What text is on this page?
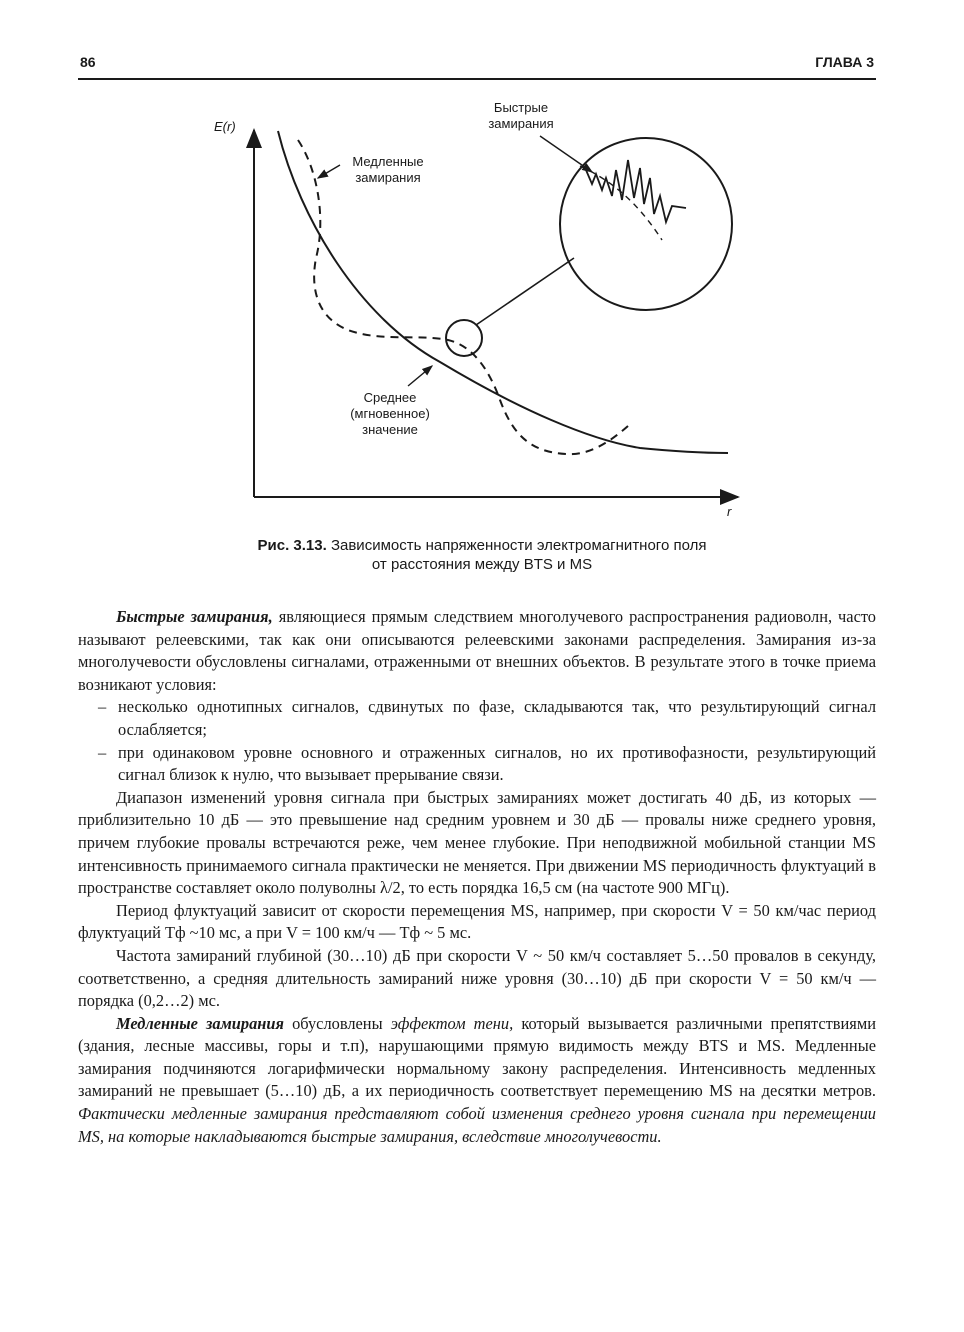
86	ГЛАВА 3
E(r)
r
Быстрые
замирания
Медленные
замирания
Среднее
(мгновенное)
значение
Рис. 3.13. Зависимость напряженности электромагнитного поля
от расстояния между BTS и MS

Быстрые замирания, являющиеся прямым следствием многолучевого распространения радиоволн, часто называют релеевскими, так как они описываются релеевскими законами распределения. Замирания из-за многолучевости обусловлены сигналами, отраженными от внешних объектов. В результате этого в точке приема возникают условия:

– несколько однотипных сигналов, сдвинутых по фазе, складываются так, что результирующий сигнал ослабляется;

– при одинаковом уровне основного и отраженных сигналов, но их противофазности, результирующий сигнал близок к нулю, что вызывает прерывание связи.

Диапазон изменений уровня сигнала при быстрых замираниях может достигать 40 дБ, из которых — приблизительно 10 дБ — это превышение над средним уровнем и 30 дБ — провалы ниже среднего уровня, причем глубокие провалы встречаются реже, чем менее глубокие. При неподвижной мобильной станции MS интенсивность принимаемого сигнала практически не меняется. При движении MS периодичность флуктуаций в пространстве составляет около полуволны λ/2, то есть порядка 16,5 см (на частоте 900 МГц).

Период флуктуаций зависит от скорости перемещения MS, например, при скорости V = 50 км/час период флуктуаций Tф ~10 мс, а при V = 100 км/ч — Tф ~ 5 мс.

Частота замираний глубиной (30…10) дБ при скорости V ~ 50 км/ч составляет 5…50 провалов в секунду, соответственно, а средняя длительность замираний ниже уровня (30…10) дБ при скорости V = 50 км/ч — порядка (0,2…2) мс.

Медленные замирания обусловлены эффектом тени, который вызывается различными препятствиями (здания, лесные массивы, горы и т.п), нарушающими прямую видимость между BTS и MS. Медленные замирания подчиняются логарифмически нормальному закону распределения. Интенсивность медленных замираний не превышает (5…10) дБ, а их периодичность соответствует перемещению MS на десятки метров. Фактически медленные замирания представляют собой изменения среднего уровня сигнала при перемещении MS, на которые накладываются быстрые замирания, вследствие многолучевости.
